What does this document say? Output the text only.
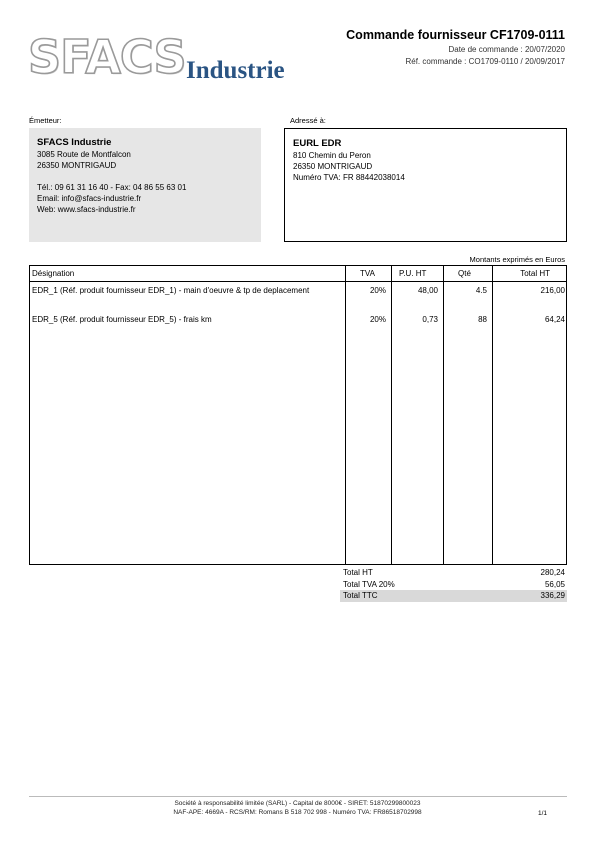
SFACS Industrie
Commande fournisseur CF1709-0111
Date de commande : 20/07/2020
Réf. commande : CO1709-0110 / 20/09/2017
Émetteur:
SFACS Industrie
3085 Route de Montfalcon
26350 MONTRIGAUD
Tél.: 09 61 31 16 40 - Fax: 04 86 55 63 01
Email: info@sfacs-industrie.fr
Web: www.sfacs-industrie.fr
Adressé à:
EURL EDR
810 Chemin du Peron
26350 MONTRIGAUD
Numéro TVA: FR 88442038014
Montants exprimés en Euros
Désignation	TVA	P.U. HT	Qté	Total HT
EDR_1 (Réf. produit fournisseur EDR_1) - main d'oeuvre & tp de deplacement	20%	48,00	4.5	216,00
EDR_5 (Réf. produit fournisseur EDR_5) - frais km	20%	0,73	88	64,24
Total HT	280,24
Total TVA 20%	56,05
Total TTC	336,29
Société à responsabilité limitée (SARL) - Capital de 8000€ - SIRET: 51870299800023
NAF-APE: 4669A - RCS/RM: Romans B 518 702 998 - Numéro TVA: FR86518702998	1/1
